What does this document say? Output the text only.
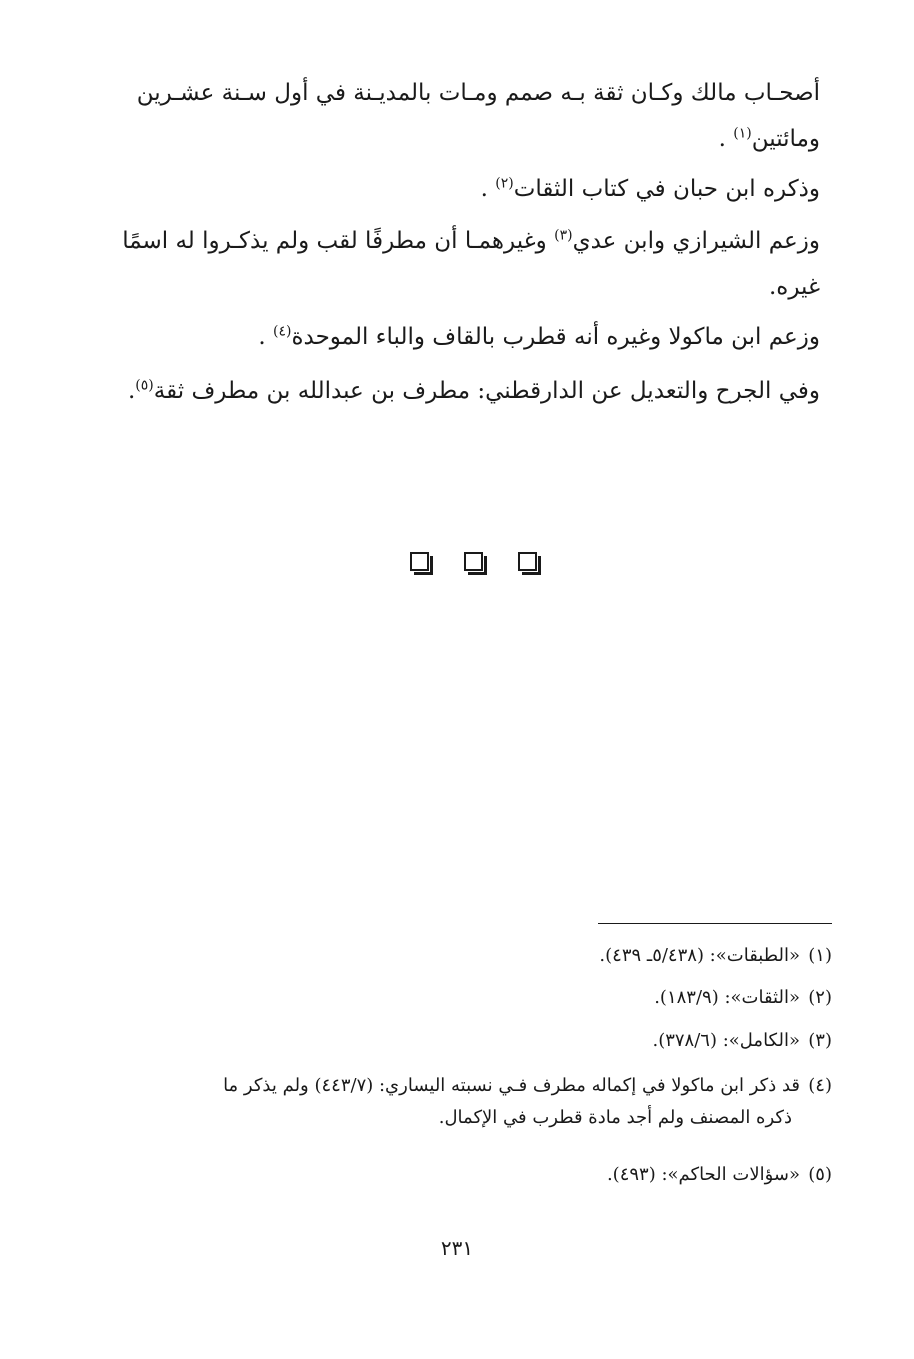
أصحـاب مالك وكـان ثقة بـه صمم ومـات بالمديـنة في أول سـنة عشـرين

ومائتين$^{(١)}$ .

وذكره ابن حبان في كتاب الثقات$^{(٢)}$ .

وزعم الشيرازي وابن عدي$^{(٣)}$ وغيرهمـا أن مطرفًا لقب ولم يذكـروا له اسمًا

غيره.

وزعم ابن ماكولا وغيره أنه قطرب بالقاف والباء الموحدة$^{(٤)}$ .

وفي الجرح والتعديل عن الدارقطني: مطرف بن عبدالله بن مطرف ثقة$^{(٥)}$.

(١)«الطبقات»: (٥/٤٣٨ـ ٤٣٩).

(٢)«الثقات»: (١٨٣/٩).

(٣)«الكامل»: (٣٧٨/٦).

(٤)قد ذكر ابن ماكولا في إكماله مطرف فـي نسبته اليساري: (٤٤٣/٧) ولم يذكر ما
ذكره المصنف ولم أجد مادة قطرب في الإكمال.

(٥)«سؤالات الحاكم»: (٤٩٣).

٢٣١
